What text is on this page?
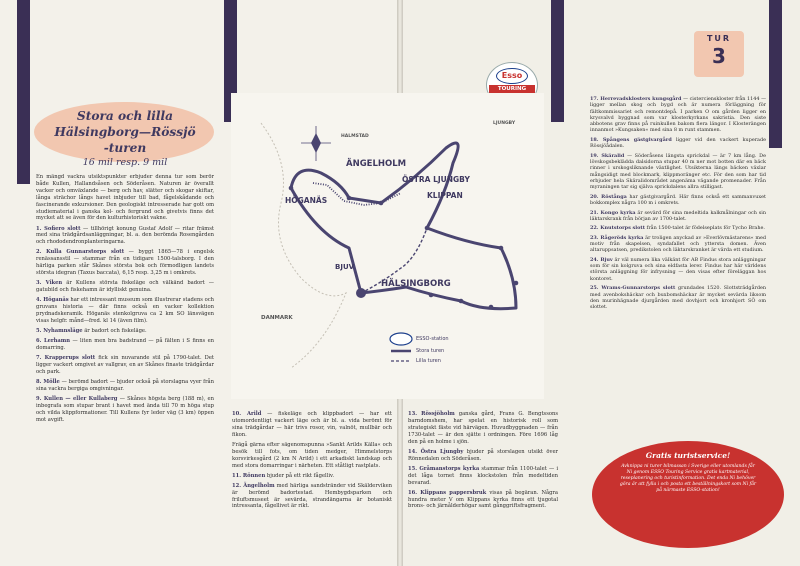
Stora och lilla
Hälsingborg—Rössjö
-turen
16 mil resp. 9 mil
TUR
3
Esso
TOURING
ÄNGELHOLM
HÖGANÄS
BJUV
HÄLSINGBORG
ÖSTRA LJUNGBY
KLIPPAN
DANMARK
HALMSTAD
LJUNGBY
ESSO-station
Stora turen
Lilla turen

En mängd vackra utsiktspunkter erbjuder denna tur som berör både Kullen, Hallandsåsen och Söderåsen. Naturen är överallt vacker och omväxlande — berg och hav, slätter och skogar skiftar, långa strächor långs havet inbjuder till bad, fågelskådande och fascinerande exkursioner. Den geologiskt intresserade har gott om studiematerial i ganska kol- och fergrund och givetvis finns det mycket att se även för den kulturhistoriskt vakne.

1. Sofiero slott — tillhörigt konung Gustaf Adolf — ritar främst med sina trädgårdsanläggningar, bl. a. den berömda Rosengården och rhododendronplanteringarna.

2. Kulla Gunnarstorps slott — byggt 1865—78 i engelsk renässansstil — stammar från en tidigare 1500-talsborg. I den härliga parken står Skånes största bok och förmodligen landets största idegran (Taxus baccata), 6,15 resp. 3,25 m i omkrets.

3. Viken är Kullens största fiskeläge och välkänd badort — gatubild och fiskehamn är idylliskt genuina.

4. Höganäs har ett intressant museum som illustrerar stadens och gruvans historia — där finns också en vacker kollektion prydnadskeramik. Höganäs stenkolgruva ca 2 km SO länsvägen visas helgfr. månd—fred. kl 14 (även film).

5. Nyhamnsläge är badort och fiskeläge.

6. Lerhamn — liten men bra badstrand — på fälten i S finns en domarring.

7. Krapperups slott fick sin nuvarande stil på 1790-talet. Det ligger vackert omgivet av vallgrav, en av Skånes finaste trädgårdar och park.

8. Mölle — berömd badort — bjuder också på storslagna vyer från sina vackra bergiga omgivningar.

9. Kullen — eller Kullaberg — Skånes högsta berg (188 m), en inbegrafa som stupar brant i havet med ända till 70 m höga stup och vilda klippformationer. Till Kullens fyr leder väg (3 km) öppen mot avgift.

10. Arild — fiskeläge och klippbadort — har ett utomordentligt vackert läge och är bl. a. vida berömt för sina trädgårdar — här trivs rosor, vin, valnöt, mullbär och fikon.

Frägå gärna efter sägenomspunna »Sankt Arilds Källa« och besök till fots, om tiden medger, Himmelstorps korsvirkesgård (2 km N Arild) i ett arkadiskt landskap och med stora domarringar i närheten. Ett ståtligt rastplats.

11. Rönnen bjuder på ett rikt fågelliv.

12. Ängelholm med härliga sandstränder vid Skälderviken är berömd badortestad. Hembygdsparken och friluftsmuseet är sevärda, strandängarna är botaniskt intressanta, fågellivet är rikt.

13. Rössjöholm ganska gård, Frans G. Bengtssons barndomshem, har spelat en historisk roll som strategiskt fäste vid härvägen. Huvudbyggnaden — från 1730-talet — är den sjätte i ordningen. Före 1696 låg den på en holme i sjön.

14. Östra Ljungby bjuder på storslagen utsikt över Rönnedalen och Söderåsen.

15. Gråmanstorps kyrka stammar från 1100-talet — i det låga tornet finns klockstolen från medeltiden bevarad.

16. Klippans pappersbruk visas på begäran. Några hundra meter V om Klippans kyrka finns ett tjugotal brons- och järnålderhögar samt gånggriftsfragment.

17. Herrevadsklosters kungsgård — cistercienskloster från 1144 — ligger mellan skog och bygd och är numera förläggning för fältkommissariet och remontdepå. I parken O om gården ligger en krysvalvd byggnad som var klosterkyrkans sakristia. Den siste abbotens grav finns på ruinkullen bakom flera längor. I Klosterängen innanmot »Kungsaken« med sina 8 m runt stammen.

18. Spångens gästgivargård ligger vid den vackert kuperade Rössjöådalen.

19. Skäralid — Söderåsens längsta sprickdal — är 7 km lång. De lövskogsbeklädda dalsidorna stupar 40 m ner mot botten där en bäck rinner i urskogsliknande växtlighet. Utsikterna längs bäcken växlar mångsidigt med blockmark, klippmoränger etc. För den som har tid erbjuder hela Skäralidområdet angenäma vägande promenader. Från myraningen tar sig själva sprickdalens allra stilligast.

20. Röstånga har gästgivargård. Här finns också ett sammanvuxet bokkomplex några 100 m i omkrets.

21. Kongo kyrka är sevärd för sina medeltida kalkmålningar och sin läktarskrank från början av 1700-talet.

22. Knutstorps slott från 1500-talet är födelseplats för Tycho Brahe.

23. Rågeröds kyrka är troligen anyckad av »Everlövmästarens« med motiv från skapelsen, syndafallet och yttersta domen. Även altaruppsatsen, predikstolen och läktarskranket är värda ett studium.

24. Bjuv är väl numera lika välkänt för AB Findus stora anläggningar som för sin kolgruva och sina eldfasta lerer. Findus har här världens största anläggning för infrysning — den visas efter föreläggan hos kontoret.

25. Wrams-Gunnarstorps slott grundades 1520. Slottsträdgården med avenbokshäckar och buxbomshäckar är mycket sevärda liksom den murinhägnade djurgården med dovhjort och kronhjort SÖ om slottet.

Gratis turistservice!
Avknippa ni turer bilmassan i Sverige eller utomlands får Ni genom ESSO Touring Service gratis kartmaterial, reseplanering och turistinformation. Det enda Ni behöver göra är att fylla i och posta ett beställningskort som Ni får på närmaste ESSO-station!
